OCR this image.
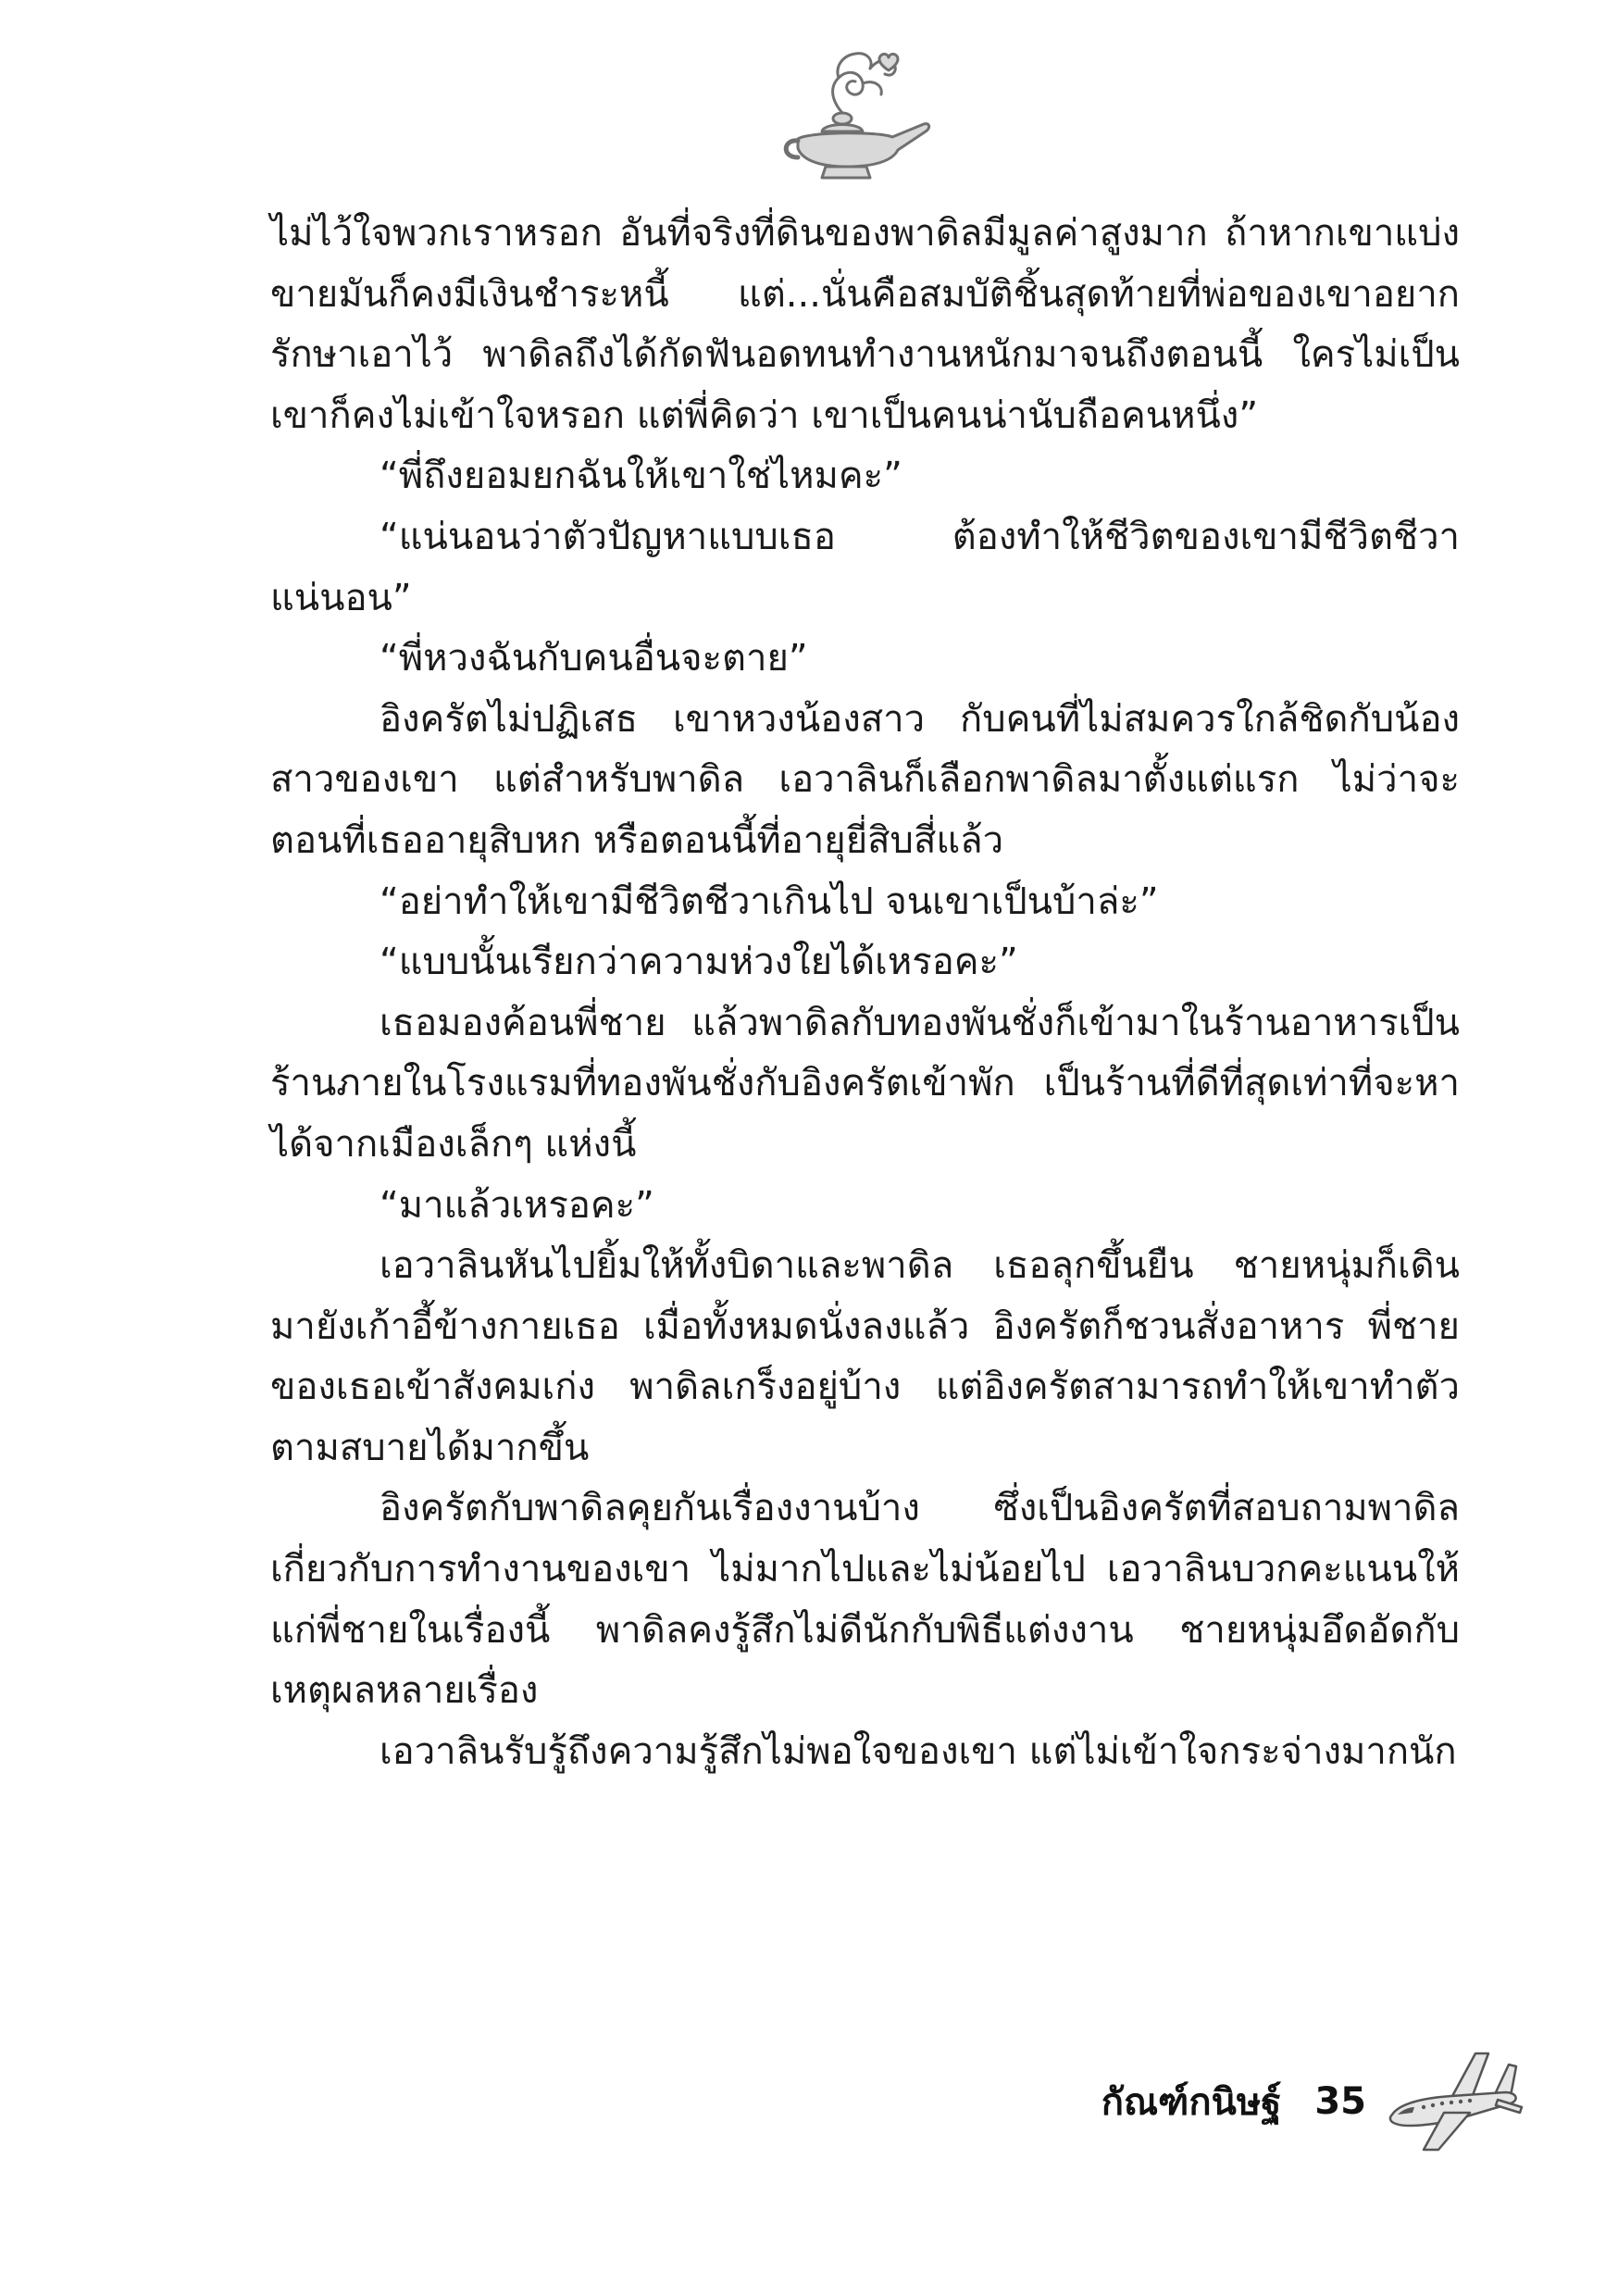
ไม่ไว้ใจพวกเราหรอก อันที่จริงที่ดินของพาดิลมีมูลค่าสูงมาก ถ้าหากเขาแบ่งขายมันก็คงมีเงินชำระหนี้ แต่...นั่นคือสมบัติชิ้นสุดท้ายที่พ่อของเขาอยากรักษาเอาไว้ พาดิลถึงได้กัดฟันอดทนทำงานหนักมาจนถึงตอนนี้ ใครไม่เป็นเขาก็คงไม่เข้าใจหรอก แต่พี่คิดว่า เขาเป็นคนน่านับถือคนหนึ่ง”

“พี่ถึงยอมยกฉันให้เขาใช่ไหมคะ”

“แน่นอนว่าตัวปัญหาแบบเธอ ต้องทำให้ชีวิตของเขามีชีวิตชีวาแน่นอน”

“พี่หวงฉันกับคนอื่นจะตาย”

อิงครัตไม่ปฏิเสธ เขาหวงน้องสาว กับคนที่ไม่สมควรใกล้ชิดกับน้องสาวของเขา แต่สำหรับพาดิล เอวาลินก็เลือกพาดิลมาตั้งแต่แรก ไม่ว่าจะตอนที่เธออายุสิบหก หรือตอนนี้ที่อายุยี่สิบสี่แล้ว

“อย่าทำให้เขามีชีวิตชีวาเกินไป จนเขาเป็นบ้าล่ะ”

“แบบนั้นเรียกว่าความห่วงใยได้เหรอคะ”

เธอมองค้อนพี่ชาย แล้วพาดิลกับทองพันชั่งก็เข้ามาในร้านอาหารเป็นร้านภายในโรงแรมที่ทองพันชั่งกับอิงครัตเข้าพัก เป็นร้านที่ดีที่สุดเท่าที่จะหาได้จากเมืองเล็กๆ แห่งนี้

“มาแล้วเหรอคะ”

เอวาลินหันไปยิ้มให้ทั้งบิดาและพาดิล เธอลุกขึ้นยืน ชายหนุ่มก็เดินมายังเก้าอี้ข้างกายเธอ เมื่อทั้งหมดนั่งลงแล้ว อิงครัตก็ชวนสั่งอาหาร พี่ชายของเธอเข้าสังคมเก่ง พาดิลเกร็งอยู่บ้าง แต่อิงครัตสามารถทำให้เขาทำตัวตามสบายได้มากขึ้น

อิงครัตกับพาดิลคุยกันเรื่องงานบ้าง ซึ่งเป็นอิงครัตที่สอบถามพาดิลเกี่ยวกับการทำงานของเขา ไม่มากไปและไม่น้อยไป เอวาลินบวกคะแนนให้แก่พี่ชายในเรื่องนี้ พาดิลคงรู้สึกไม่ดีนักกับพิธีแต่งงาน ชายหนุ่มอึดอัดกับเหตุผลหลายเรื่อง

เอวาลินรับรู้ถึงความรู้สึกไม่พอใจของเขา แต่ไม่เข้าใจกระจ่างมากนัก

กัณฑ์กนิษฐ์ 35
